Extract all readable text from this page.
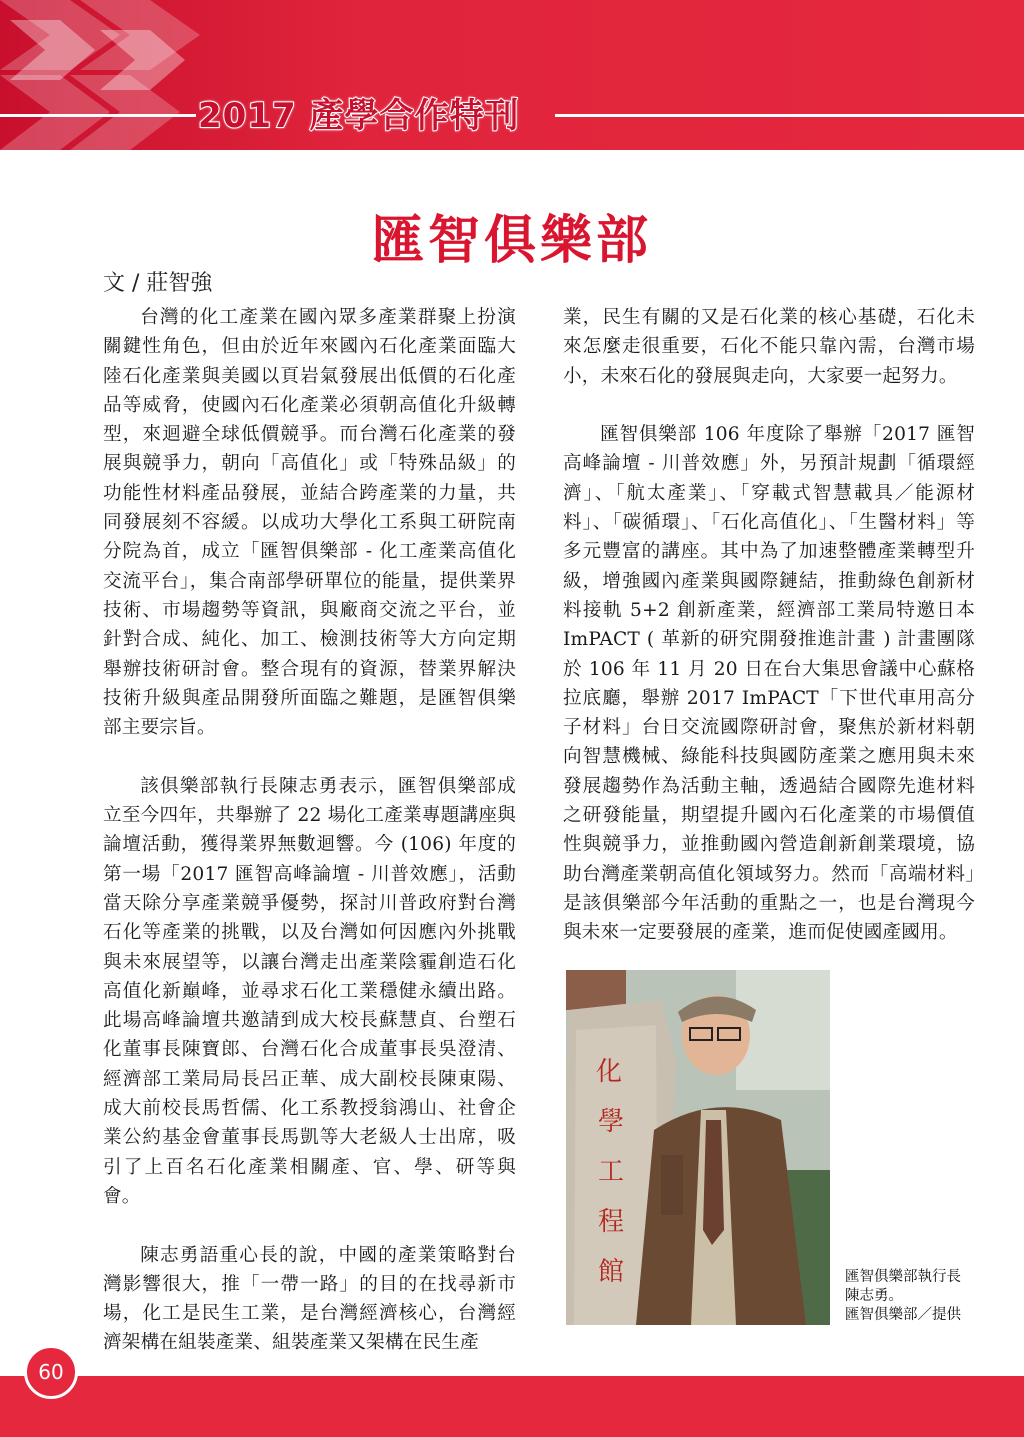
2017 產學合作特刊
匯智俱樂部
文 / 莊智強

台灣的化工產業在國內眾多產業群聚上扮演關鍵性角色，但由於近年來國內石化產業面臨大陸石化產業與美國以頁岩氣發展出低價的石化產品等威脅，使國內石化產業必須朝高值化升級轉型，來迴避全球低價競爭。而台灣石化產業的發展與競爭力，朝向「高值化」或「特殊品級」的功能性材料產品發展，並結合跨產業的力量，共同發展刻不容緩。以成功大學化工系與工研院南分院為首，成立「匯智俱樂部 - 化工產業高值化交流平台」，集合南部學研單位的能量，提供業界技術、市場趨勢等資訊，與廠商交流之平台，並針對合成、純化、加工、檢測技術等大方向定期舉辦技術研討會。整合現有的資源，替業界解決技術升級與產品開發所面臨之難題，是匯智俱樂部主要宗旨。

該俱樂部執行長陳志勇表示，匯智俱樂部成立至今四年，共舉辦了 22 場化工產業專題講座與論壇活動，獲得業界無數迴響。今 (106) 年度的第一場「2017 匯智高峰論壇 - 川普效應」，活動當天除分享產業競爭優勢，探討川普政府對台灣石化等產業的挑戰，以及台灣如何因應內外挑戰與未來展望等，以讓台灣走出產業陰霾創造石化高值化新巔峰，並尋求石化工業穩健永續出路。此場高峰論壇共邀請到成大校長蘇慧貞、台塑石化董事長陳寶郎、台灣石化合成董事長吳澄清、經濟部工業局局長呂正華、成大副校長陳東陽、成大前校長馬哲儒、化工系教授翁鴻山、社會企業公約基金會董事長馬凱等大老級人士出席，吸引了上百名石化產業相關產、官、學、研等與會。

陳志勇語重心長的說，中國的產業策略對台灣影響很大，推「一帶一路」的目的在找尋新市場，化工是民生工業，是台灣經濟核心，台灣經濟架構在組裝產業、組裝產業又架構在民生產

業，民生有關的又是石化業的核心基礎，石化未來怎麼走很重要，石化不能只靠內需，台灣市場小，未來石化的發展與走向，大家要一起努力。

匯智俱樂部 106 年度除了舉辦「2017 匯智高峰論壇 - 川普效應」外，另預計規劃「循環經濟」、「航太產業」、「穿載式智慧載具／能源材料」、「碳循環」、「石化高值化」、「生醫材料」等多元豐富的講座。其中為了加速整體產業轉型升級，增強國內產業與國際鏈結，推動綠色創新材料接軌 5+2 創新產業，經濟部工業局特邀日本 ImPACT ( 革新的研究開發推進計畫 ) 計畫團隊於 106 年 11 月 20 日在台大集思會議中心蘇格拉底廳，舉辦 2017 ImPACT「下世代車用高分子材料」台日交流國際研討會，聚焦於新材料朝向智慧機械、綠能科技與國防產業之應用與未來發展趨勢作為活動主軸，透過結合國際先進材料之研發能量，期望提升國內石化產業的市場價值性與競爭力，並推動國內營造創新創業環境，協助台灣產業朝高值化領域努力。然而「高端材料」是該俱樂部今年活動的重點之一，也是台灣現今與未來一定要發展的產業，進而促使國產國用。

化
學
工
程
館	匯智俱樂部執行長
陳志勇。
匯智俱樂部／提供
60
